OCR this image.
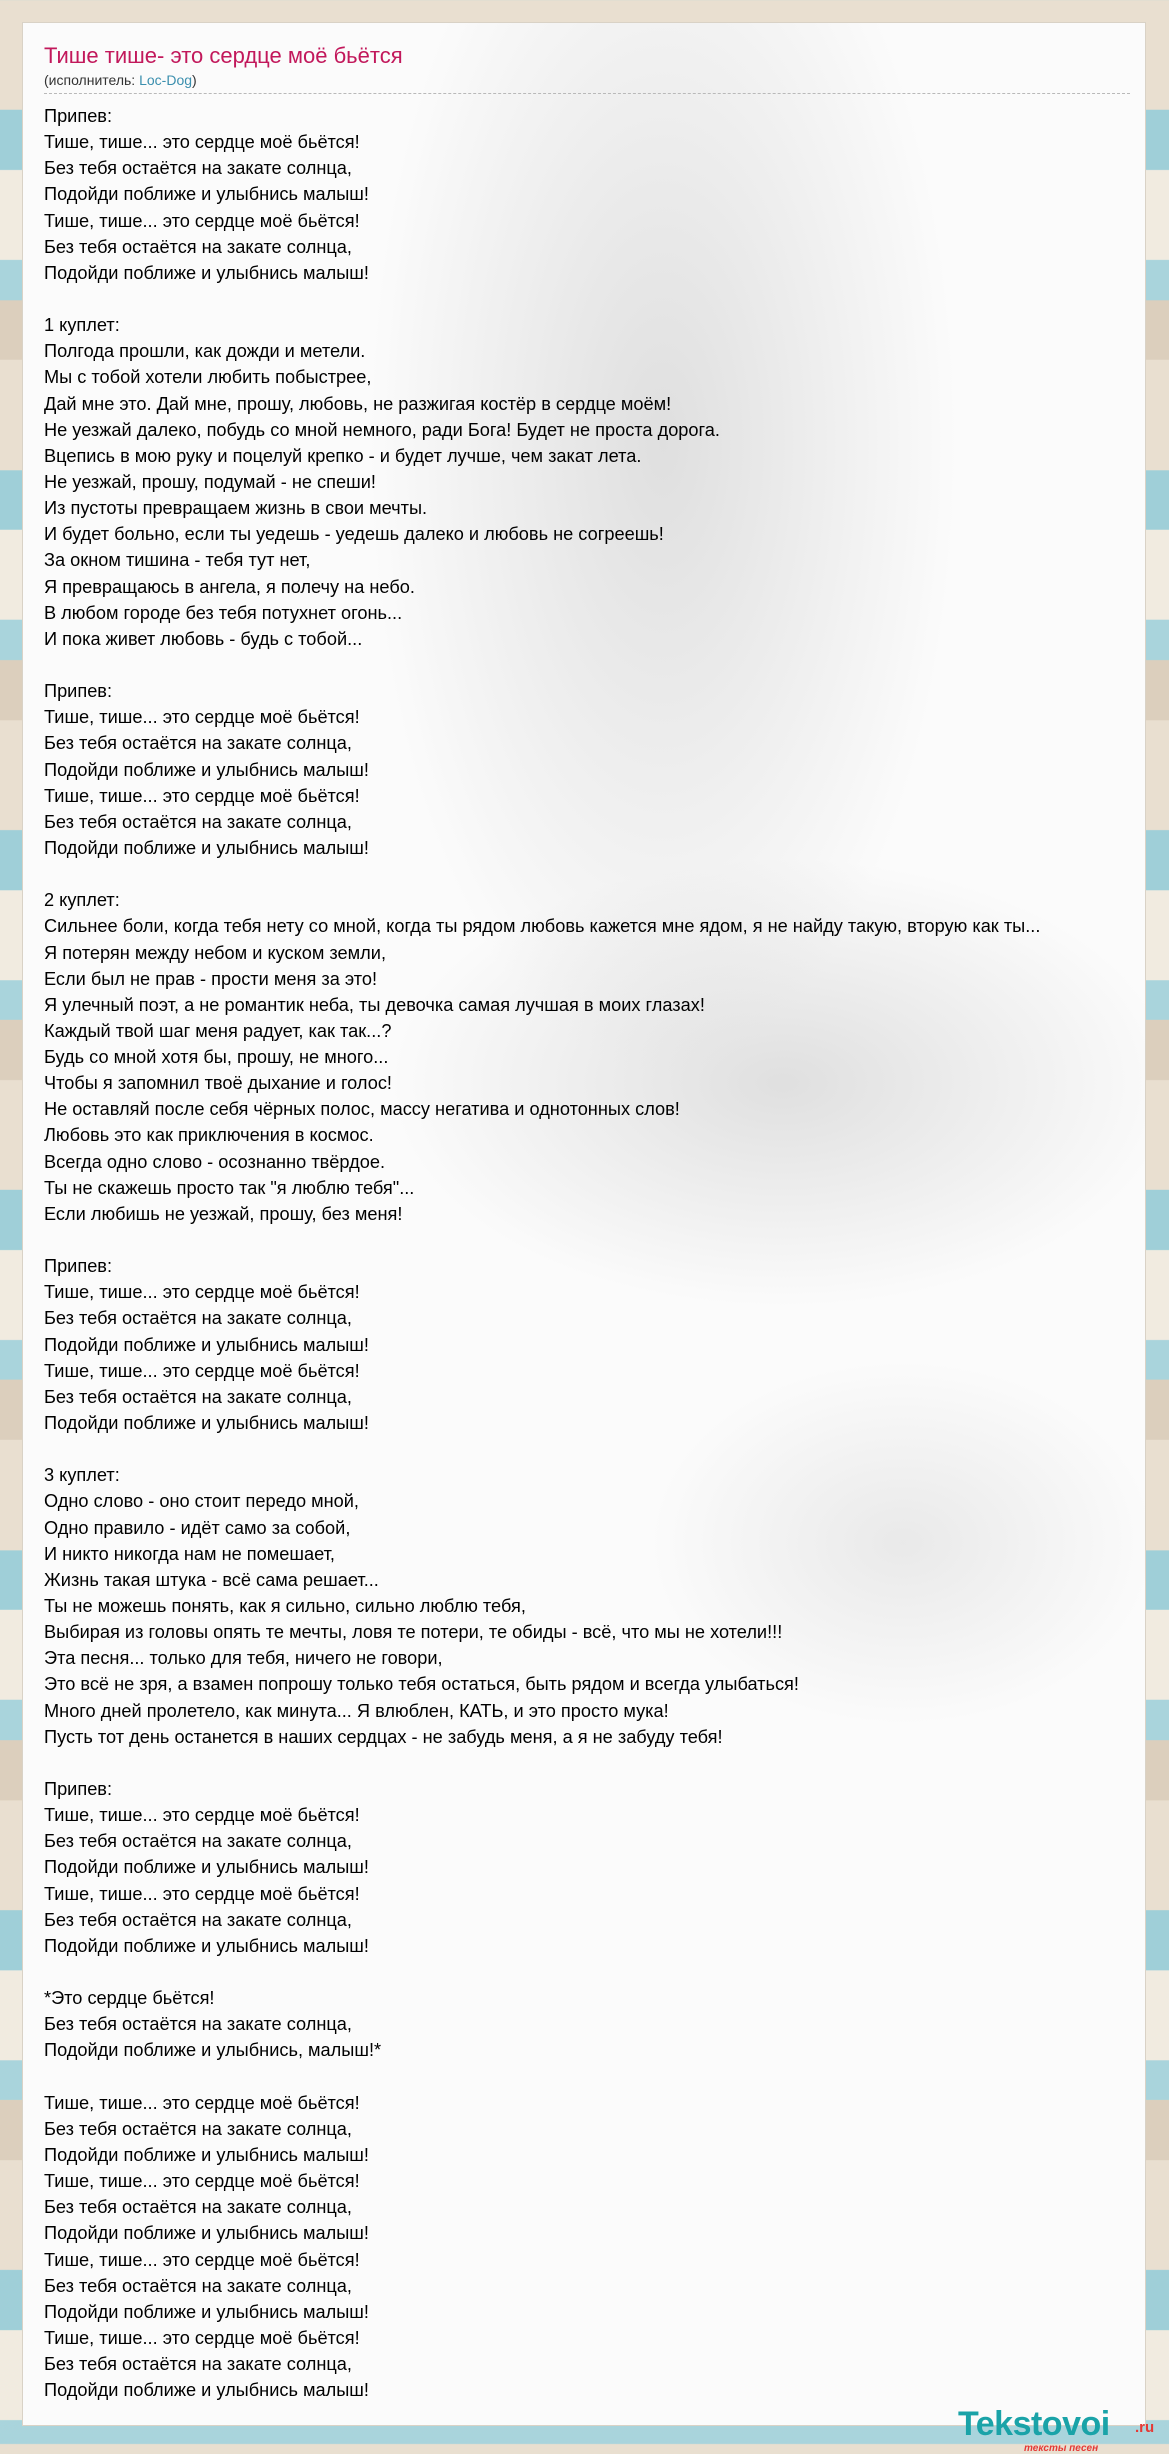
Тише тише- это сердце моё бьётся
(исполнитель: Loc-Dog)
Припев:
Тише, тише... это сердце моё бьётся!
Без тебя остаётся на закате солнца,
Подойди поближе и улыбнись малыш!
Тише, тише... это сердце моё бьётся!
Без тебя остаётся на закате солнца,
Подойди поближе и улыбнись малыш!

1 куплет:
Полгода прошли, как дожди и метели.
Мы с тобой хотели любить побыстрее,
Дай мне это. Дай мне, прошу, любовь, не разжигая костёр в сердце моём!
Не уезжай далеко, побудь со мной немного, ради Бога! Будет не проста дорога.
Вцепись в мою руку и поцелуй крепко - и будет лучше, чем закат лета.
Не уезжай, прошу, подумай - не спеши!
Из пустоты превращаем жизнь в свои мечты.
И будет больно, если ты уедешь - уедешь далеко и любовь не согреешь!
За окном тишина - тебя тут нет,
Я превращаюсь в ангела, я полечу на небо.
В любом городе без тебя потухнет огонь...
И пока живет любовь - будь с тобой...

Припев:
Тише, тише... это сердце моё бьётся!
Без тебя остаётся на закате солнца,
Подойди поближе и улыбнись малыш!
Тише, тише... это сердце моё бьётся!
Без тебя остаётся на закате солнца,
Подойди поближе и улыбнись малыш!

2 куплет:
Сильнее боли, когда тебя нету со мной, когда ты рядом любовь кажется мне ядом, я не найду такую, вторую как ты...
Я потерян между небом и куском земли,
Если был не прав - прости меня за это!
Я улечный поэт, а не романтик неба, ты девочка самая лучшая в моих глазах!
Каждый твой шаг меня радует, как так...?
Будь со мной хотя бы, прошу, не много...
Чтобы я запомнил твоё дыхание и голос!
Не оставляй после себя чёрных полос, массу негатива и однотонных слов!
Любовь это как приключения в космос.
Всегда одно слово - осознанно твёрдое.
Ты не скажешь просто так "я люблю тебя"...
Если любишь не уезжай, прошу, без меня!

Припев:
Тише, тише... это сердце моё бьётся!
Без тебя остаётся на закате солнца,
Подойди поближе и улыбнись малыш!
Тише, тише... это сердце моё бьётся!
Без тебя остаётся на закате солнца,
Подойди поближе и улыбнись малыш!

3 куплет:
Одно слово - оно стоит передо мной,
Одно правило - идёт само за собой,
И никто никогда нам не помешает,
Жизнь такая штука - всё сама решает...
Ты не можешь понять, как я сильно, сильно люблю тебя,
Выбирая из головы опять те мечты, ловя те потери, те обиды - всё, что мы не хотели!!!
Эта песня... только для тебя, ничего не говори,
Это всё не зря, а взамен попрошу только тебя остаться, быть рядом и всегда улыбаться!
Много дней пролетело, как минута... Я влюблен, КАТЬ, и это просто мука!
Пусть тот день останется в наших сердцах - не забудь меня, а я не забуду тебя!

Припев:
Тише, тише... это сердце моё бьётся!
Без тебя остаётся на закате солнца,
Подойди поближе и улыбнись малыш!
Тише, тише... это сердце моё бьётся!
Без тебя остаётся на закате солнца,
Подойди поближе и улыбнись малыш!

*Это сердце бьётся!
Без тебя остаётся на закате солнца,
Подойди поближе и улыбнись, малыш!*

Тише, тише... это сердце моё бьётся!
Без тебя остаётся на закате солнца,
Подойди поближе и улыбнись малыш!
Тише, тише... это сердце моё бьётся!
Без тебя остаётся на закате солнца,
Подойди поближе и улыбнись малыш!
Тише, тише... это сердце моё бьётся!
Без тебя остаётся на закате солнца,
Подойди поближе и улыбнись малыш!
Тише, тише... это сердце моё бьётся!
Без тебя остаётся на закате солнца,
Подойди поближе и улыбнись малыш!
Tekstovoi .ru
тексты песен
